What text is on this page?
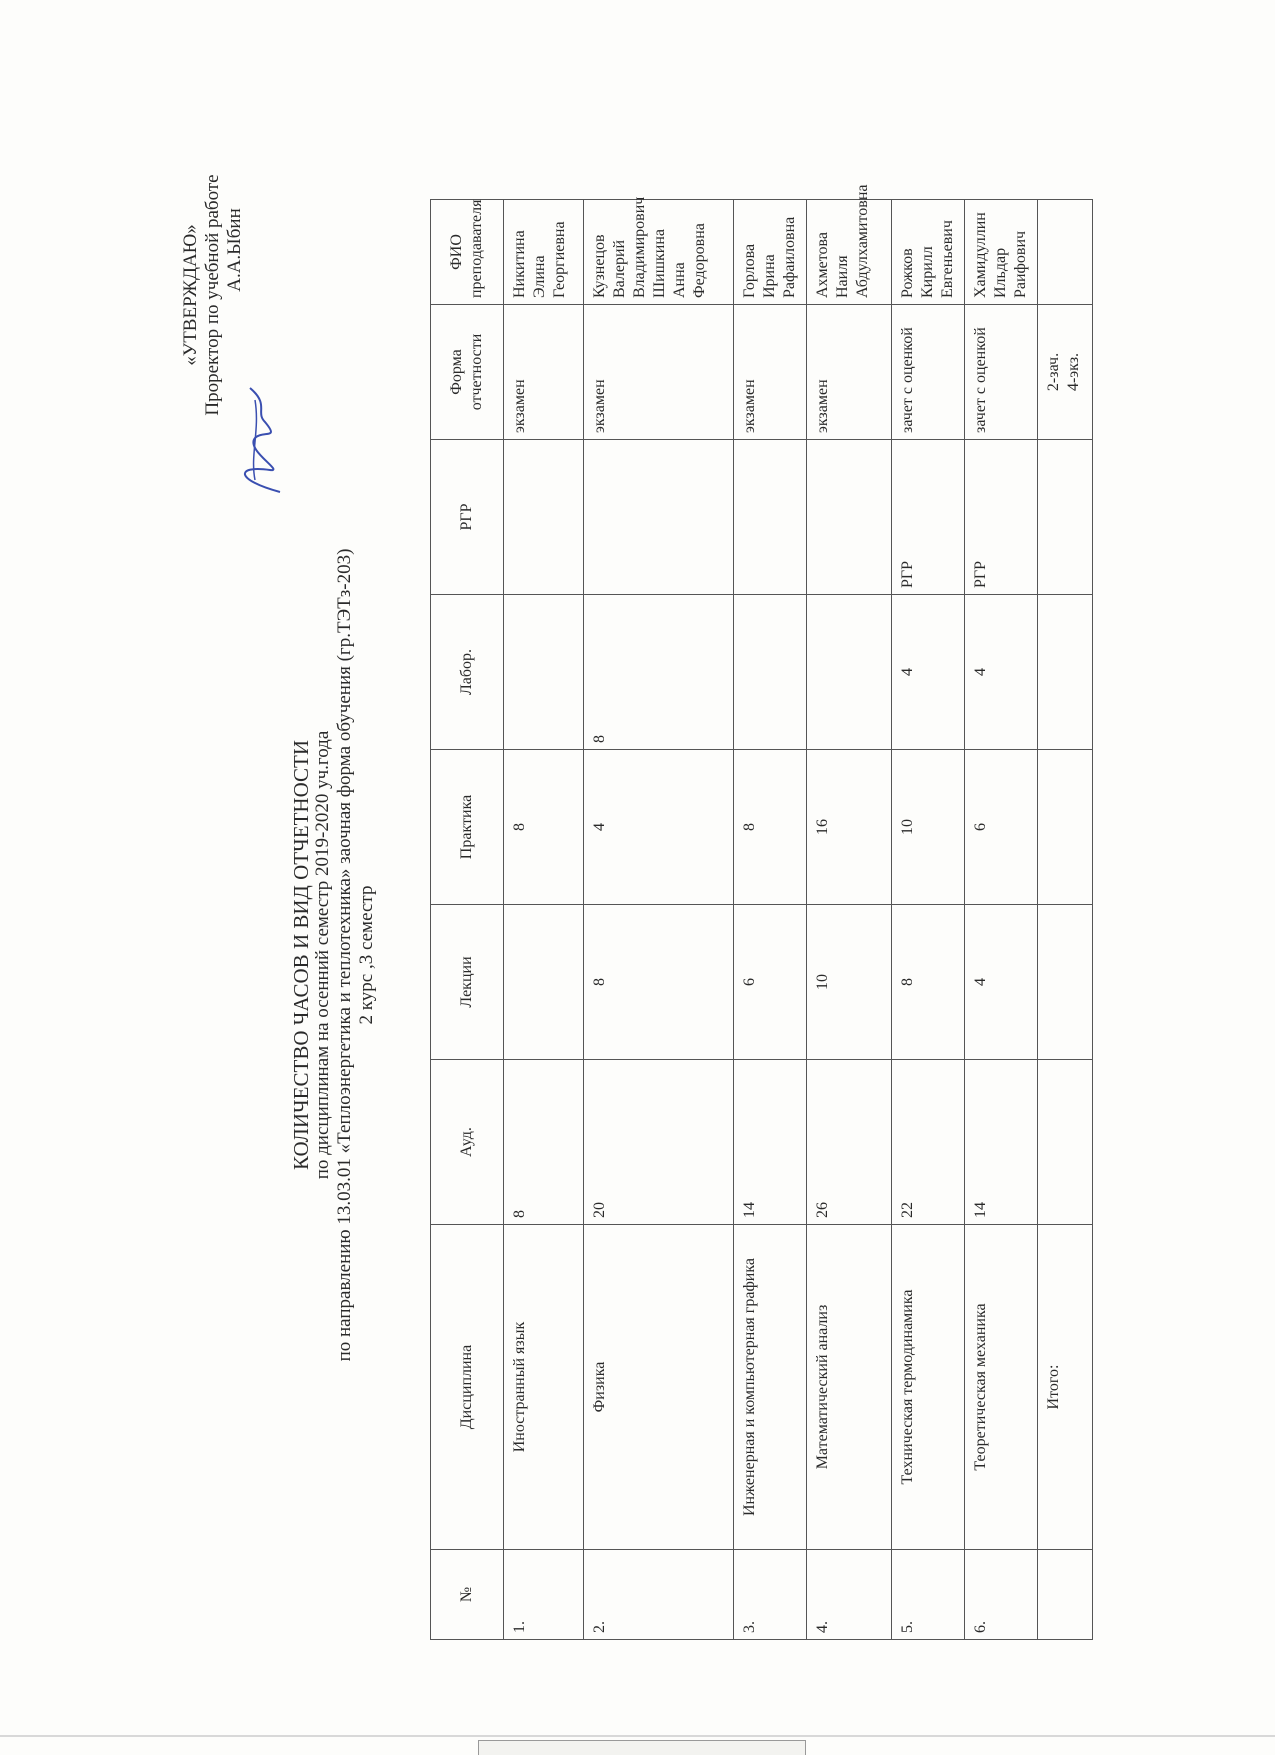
«УТВЕРЖДАЮ» Проректор по учебной работе А.А.Ыбин
КОЛИЧЕСТВО ЧАСОВ И ВИД ОТЧЕТНОСТИ по дисциплинам на осенний семестр 2019-2020 уч.года по направлению 13.03.01 «Теплоэнергетика и теплотехника» заочная форма обучения (гр.ТЭТз-203) 2 курс ,3 семестр
№	Дисциплина	Ауд.	Лекции	Практика	Лабор.	РГР	Форма отчетности	ФИО преподавателя
1.	Иностранный язык	8		8			экзамен	Никитина Элина Георгиевна
2.	Физика	20	8	4	8		экзамен	Кузнецов Валерий Владимирович Шишкина Анна Федоровна
3.	Инженерная и компьютерная графика	14	6	8			экзамен	Горлова Ирина Рафаиловна
4.	Математический анализ	26	10	16			экзамен	Ахметова Наиля Абдулхамитовна
5.	Техническая термодинамика	22	8	10	4	РГР	зачет с оценкой	Рожков Кирилл Евгеньевич
6.	Теоретическая механика	14	4	6	4	РГР	зачет с оценкой	Хамидуллин Ильдар Раифович
	Итого:						2-зач. 4-экз.	
